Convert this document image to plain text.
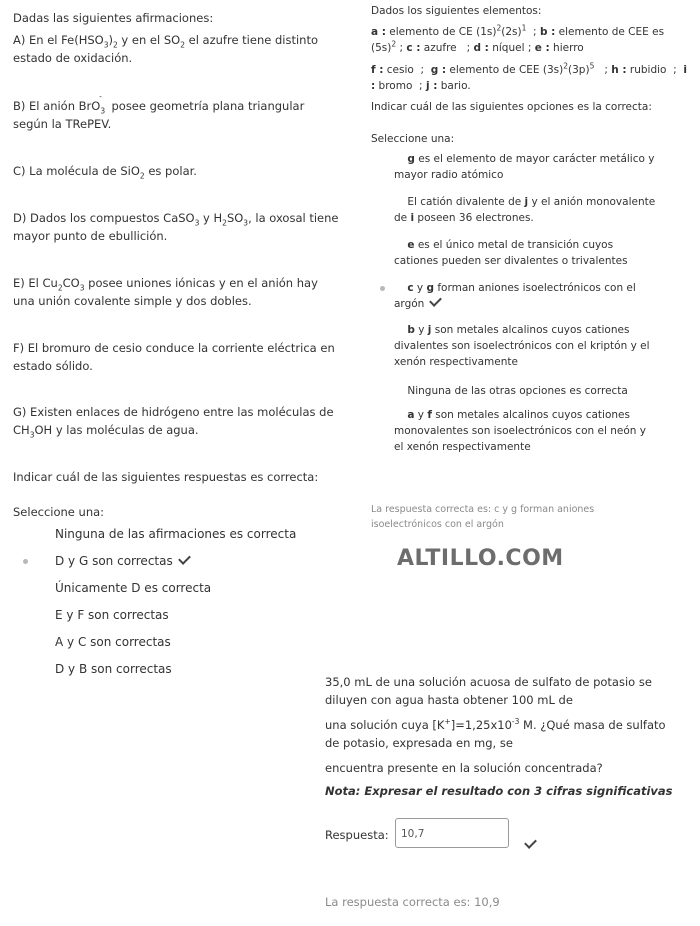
Dadas las siguientes afirmaciones:
A) En el $Fe(HSO_3)_2$ y en el $SO_2$ el azufre tiene distinto
estado de oxidación.
B) El anión BrO$_3$- posee geometría plana triangular
según la TRePEV.
C) La molécula de SiO$_2$ es polar.
D) Dados los compuestos CaSO$_3$ y $H_2SO_3$, la oxosal tiene
mayor punto de ebullición.
E) El $Cu_2CO_3$ posee uniones iónicas y en el anión hay
una unión covalente simple y dos dobles.
F) El bromuro de cesio conduce la corriente eléctrica en
estado sólido.
G) Existen enlaces de hidrógeno entre las moléculas de
$CH_3OH$ y las moléculas de agua.
Indicar cuál de las siguientes respuestas es correcta:
Seleccione una:
Ninguna de las afirmaciones es correcta
D y G son correctas
Únicamente D es correcta
E y F son correctas
A y C son correctas
D y B son correctas
Dados los siguientes elementos:
a : elemento de CE $(1s)^2(2s)^1$  ; b : elemento de CEE es
$(5s)^2$ ; c : azufre   ; d : níquel ; e : hierro
f : cesio  ;  g : elemento de CEE $(3s)^2(3p)^5$   ; h : rubidio  ;  i
: bromo  ; j : bario.
Indicar cuál de las siguientes opciones es la correcta:
Seleccione una:
g es el elemento de mayor carácter metálico y
mayor radio atómico
El catión divalente de j y el anión monovalente
de i poseen 36 electrones.
e es el único metal de transición cuyos
cationes pueden ser divalentes o trivalentes
c y g forman aniones isoelectrónicos con el
argón
b y j son metales alcalinos cuyos cationes
divalentes son isoelectrónicos con el kriptón y el
xenón respectivamente
Ninguna de las otras opciones es correcta
a y f son metales alcalinos cuyos cationes
monovalentes son isoelectrónicos con el neón y
el xenón respectivamente
La respuesta correcta es: c y g forman aniones
isoelectrónicos con el argón
ALTILLO.COM
35,0 mL de una solución acuosa de sulfato de potasio se
diluyen con agua hasta obtener 100 mL de
una solución cuya $[K^+]=1,25x10^{-3}$ M. ¿Qué masa de sulfato
de potasio, expresada en mg, se
encuentra presente en la solución concentrada?
Nota: Expresar el resultado con 3 cifras significativas
Respuesta:	10,7
La respuesta correcta es: 10,9
